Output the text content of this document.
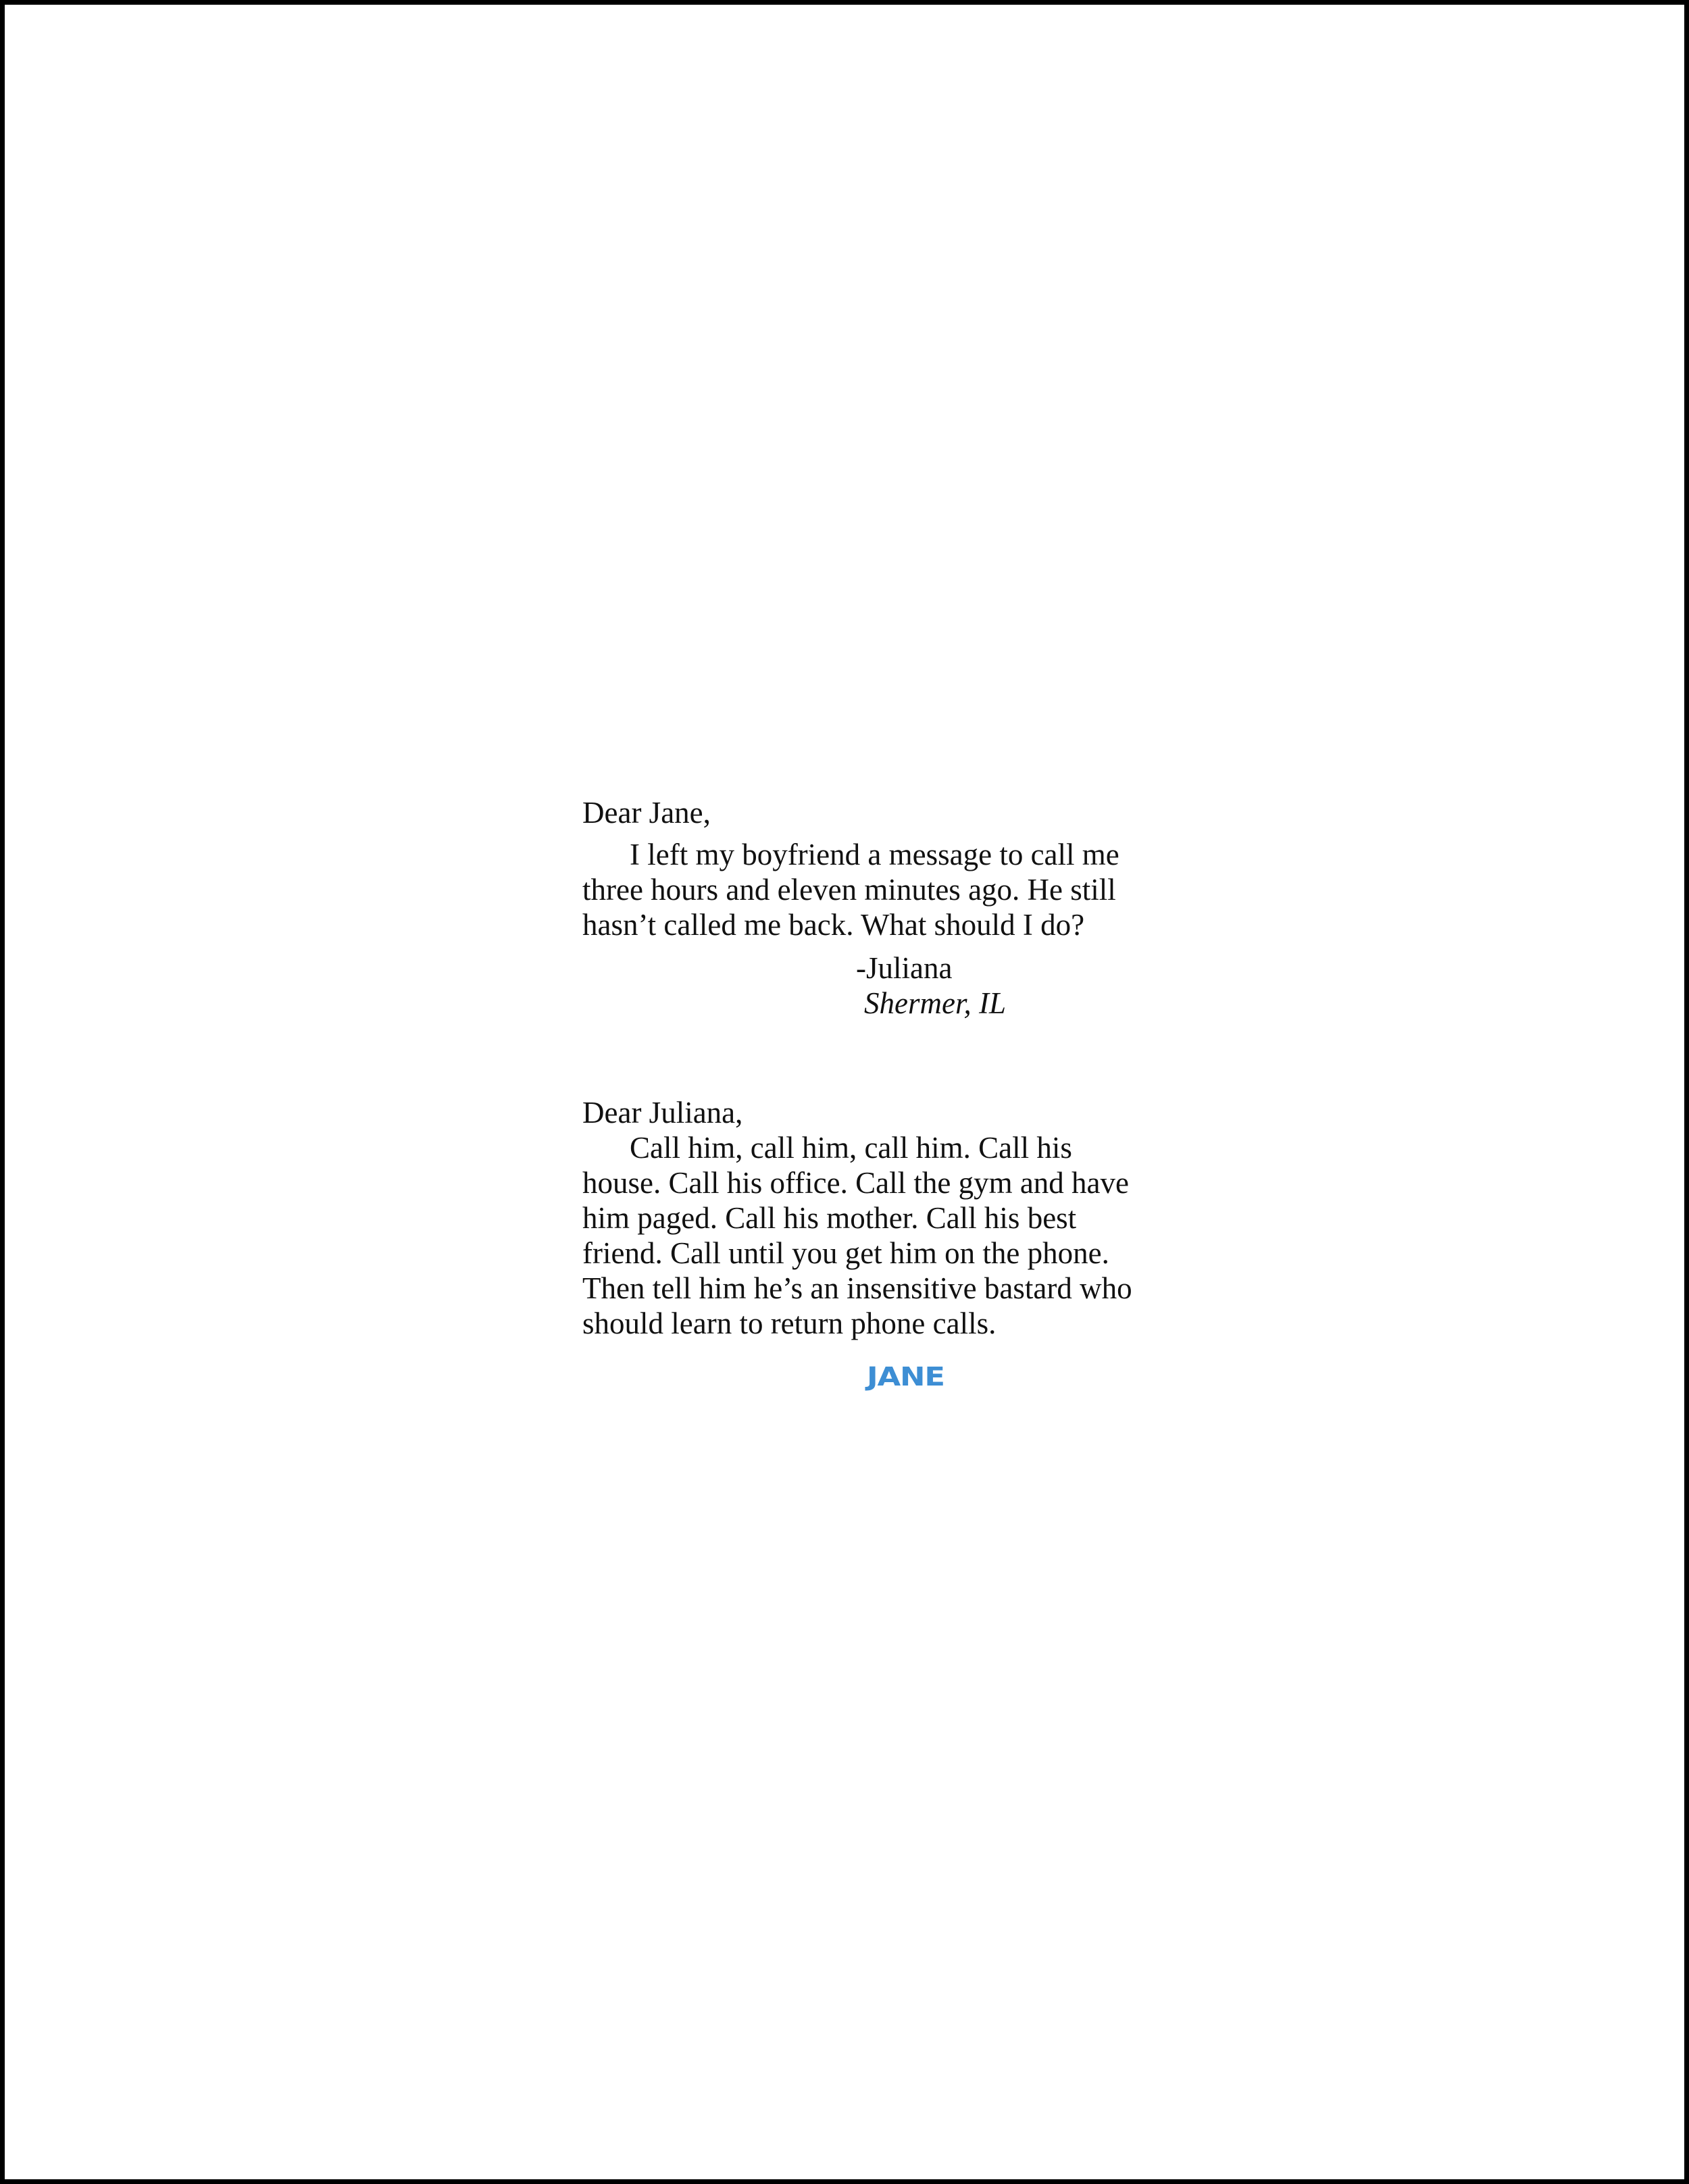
Dear Jane,

I left my boyfriend a message to call me

three hours and eleven minutes ago. He still

hasn’t called me back. What should I do?

-Juliana

Shermer, IL

Dear Juliana,

Call him, call him, call him. Call his

house. Call his office. Call the gym and have

him paged. Call his mother. Call his best

friend. Call until you get him on the phone.

Then tell him he’s an insensitive bastard who

should learn to return phone calls.

JANE
